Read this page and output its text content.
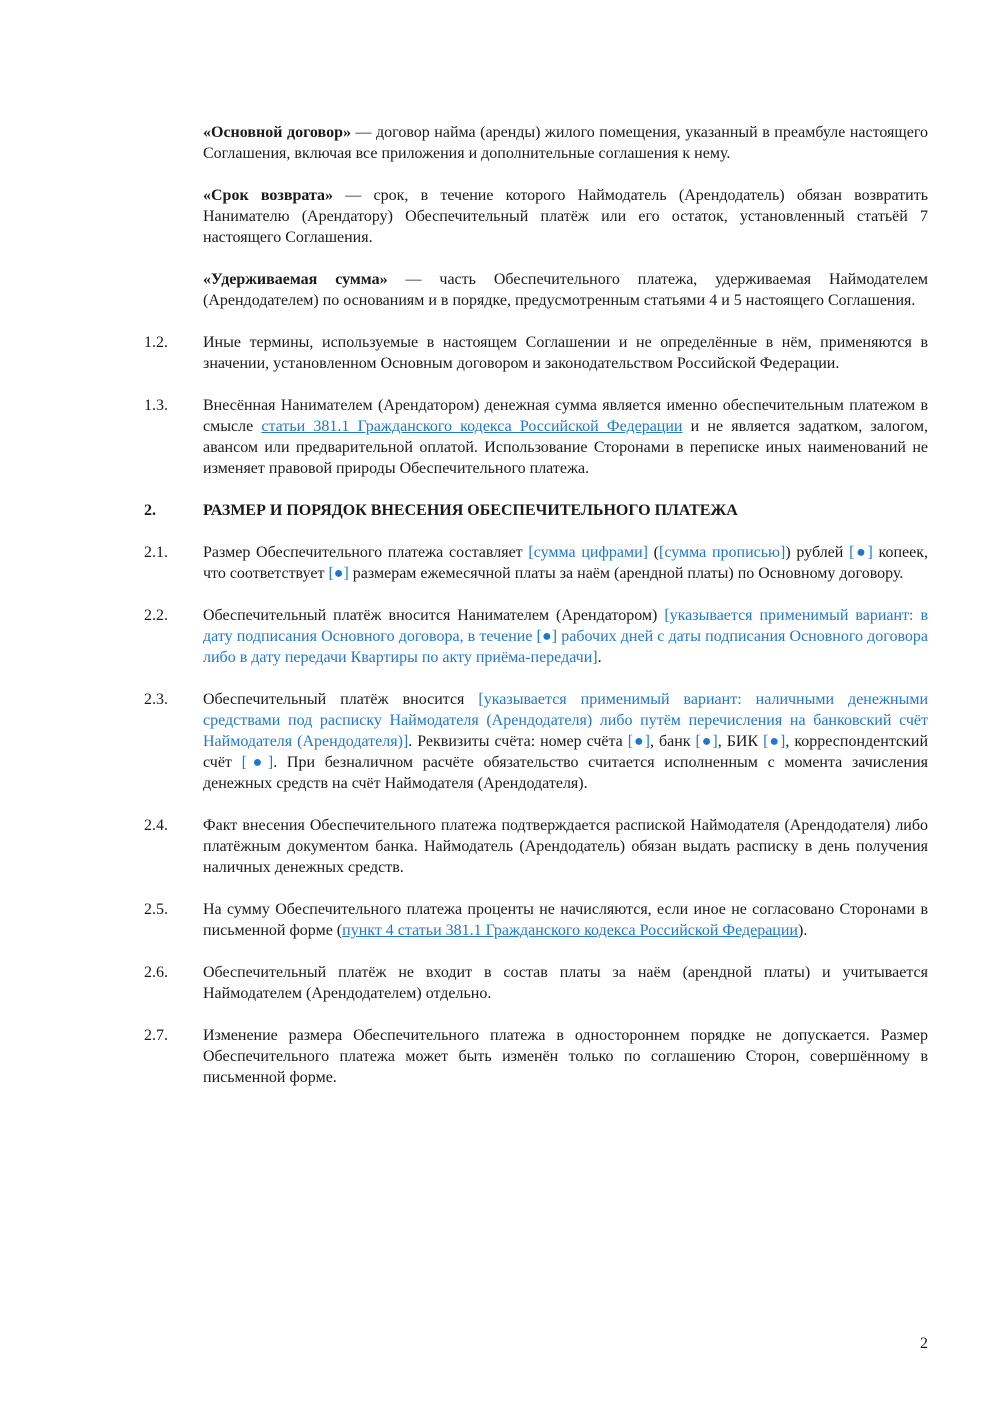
«Основной договор» — договор найма (аренды) жилого помещения, указанный в преамбуле настоящего Соглашения, включая все приложения и дополнительные соглашения к нему.

«Срок возврата» — срок, в течение которого Наймодатель (Арендодатель) обязан возвратить Нанимателю (Арендатору) Обеспечительный платёж или его остаток, установленный статьёй 7 настоящего Соглашения.

«Удерживаемая сумма» — часть Обеспечительного платежа, удерживаемая Наймодателем (Арендодателем) по основаниям и в порядке, предусмотренным статьями 4 и 5 настоящего Соглашения.

1.2.	Иные термины, используемые в настоящем Соглашении и не определённые в нём, применяются в значении, установленном Основным договором и законодательством Российской Федерации.
1.3.	Внесённая Нанимателем (Арендатором) денежная сумма является именно обеспечительным платежом в смысле статьи 381.1 Гражданского кодекса Российской Федерации и не является задатком, залогом, авансом или предварительной оплатой. Использование Сторонами в переписке иных наименований не изменяет правовой природы Обеспечительного платежа.
2.	РАЗМЕР И ПОРЯДОК ВНЕСЕНИЯ ОБЕСПЕЧИТЕЛЬНОГО ПЛАТЕЖА
2.1.	Размер Обеспечительного платежа составляет [сумма цифрами] ([сумма прописью]) рублей [●] копеек, что соответствует [●] размерам ежемесячной платы за наём (арендной платы) по Основному договору.
2.2.	Обеспечительный платёж вносится Нанимателем (Арендатором) [указывается применимый вариант: в дату подписания Основного договора, в течение [●] рабочих дней с даты подписания Основного договора либо в дату передачи Квартиры по акту приёма-передачи].
2.3.	Обеспечительный платёж вносится [указывается применимый вариант: наличными денежными средствами под расписку Наймодателя (Арендодателя) либо путём перечисления на банковский счёт Наймодателя (Арендодателя)]. Реквизиты счёта: номер счёта [●], банк [●], БИК [●], корреспондентский счёт [●]. При безналичном расчёте обязательство считается исполненным с момента зачисления денежных средств на счёт Наймодателя (Арендодателя).
2.4.	Факт внесения Обеспечительного платежа подтверждается распиской Наймодателя (Арендодателя) либо платёжным документом банка. Наймодатель (Арендодатель) обязан выдать расписку в день получения наличных денежных средств.
2.5.	На сумму Обеспечительного платежа проценты не начисляются, если иное не согласовано Сторонами в письменной форме (пункт 4 статьи 381.1 Гражданского кодекса Российской Федерации).
2.6.	Обеспечительный платёж не входит в состав платы за наём (арендной платы) и учитывается Наймодателем (Арендодателем) отдельно.
2.7.	Изменение размера Обеспечительного платежа в одностороннем порядке не допускается. Размер Обеспечительного платежа может быть изменён только по соглашению Сторон, совершённому в письменной форме.
2
